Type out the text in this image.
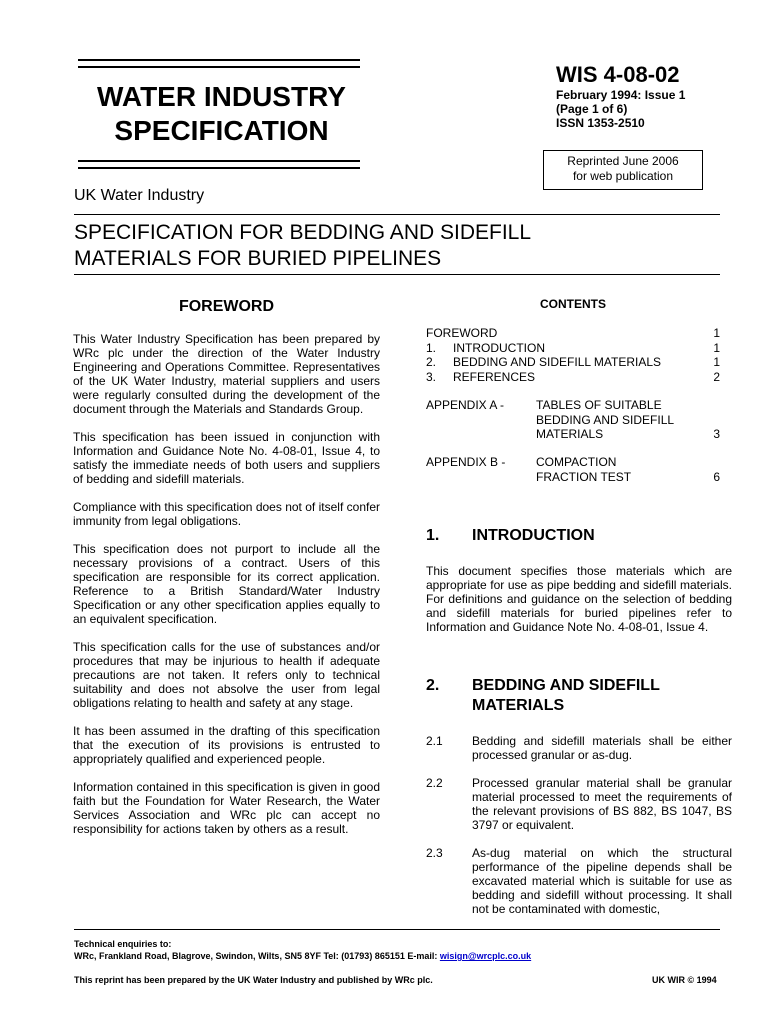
WATER INDUSTRY
SPECIFICATION
WIS 4-08-02
February 1994: Issue 1
(Page 1 of 6)
ISSN 1353-2510
Reprinted June 2006
for web publication
UK Water Industry
SPECIFICATION FOR BEDDING AND SIDEFILL
MATERIALS FOR BURIED PIPELINES
FOREWORD

This Water Industry Specification has been prepared by WRc plc under the direction of the Water Industry Engineering and Operations Committee. Representatives of the UK Water Industry, material suppliers and users were regularly consulted during the development of the document through the Materials and Standards Group.

This specification has been issued in conjunction with Information and Guidance Note No. 4-08-01, Issue 4, to satisfy the immediate needs of both users and suppliers of bedding and sidefill materials.

Compliance with this specification does not of itself confer immunity from legal obligations.

This specification does not purport to include all the necessary provisions of a contract. Users of this specification are responsible for its correct application. Reference to a British Standard/Water Industry Specification or any other specification applies equally to an equivalent specification.

This specification calls for the use of substances and/or procedures that may be injurious to health if adequate precautions are not taken. It refers only to technical suitability and does not absolve the user from legal obligations relating to health and safety at any stage.

It has been assumed in the drafting of this specification that the execution of its provisions is entrusted to appropriately qualified and experienced people.

Information contained in this specification is given in good faith but the Foundation for Water Research, the Water Services Association and WRc plc can accept no responsibility for actions taken by others as a result.

CONTENTS
FOREWORD	1
1.	INTRODUCTION	1
2.	BEDDING AND SIDEFILL MATERIALS	1
3.	REFERENCES	2
APPENDIX A -	TABLES OF SUITABLE
BEDDING AND SIDEFILL
MATERIALS	3
APPENDIX B -	COMPACTION
FRACTION TEST	6
1.	INTRODUCTION
This document specifies those materials which are appropriate for use as pipe bedding and sidefill materials. For definitions and guidance on the selection of bedding and sidefill materials for buried pipelines refer to Information and Guidance Note No. 4-08-01, Issue 4.
2.	BEDDING AND SIDEFILL
MATERIALS
2.1	Bedding and sidefill materials shall be either processed granular or as-dug.
2.2	Processed granular material shall be granular material processed to meet the requirements of the relevant provisions of BS 882, BS 1047, BS 3797 or equivalent.
2.3	As-dug material on which the structural performance of the pipeline depends shall be excavated material which is suitable for use as bedding and sidefill without processing. It shall not be contaminated with domestic,
Technical enquiries to:
WRc, Frankland Road, Blagrove, Swindon, Wilts, SN5 8YF Tel: (01793) 865151 E-mail: wisign@wrcplc.co.uk
This reprint has been prepared by the UK Water Industry and published by WRc plc.	UK WIR © 1994
